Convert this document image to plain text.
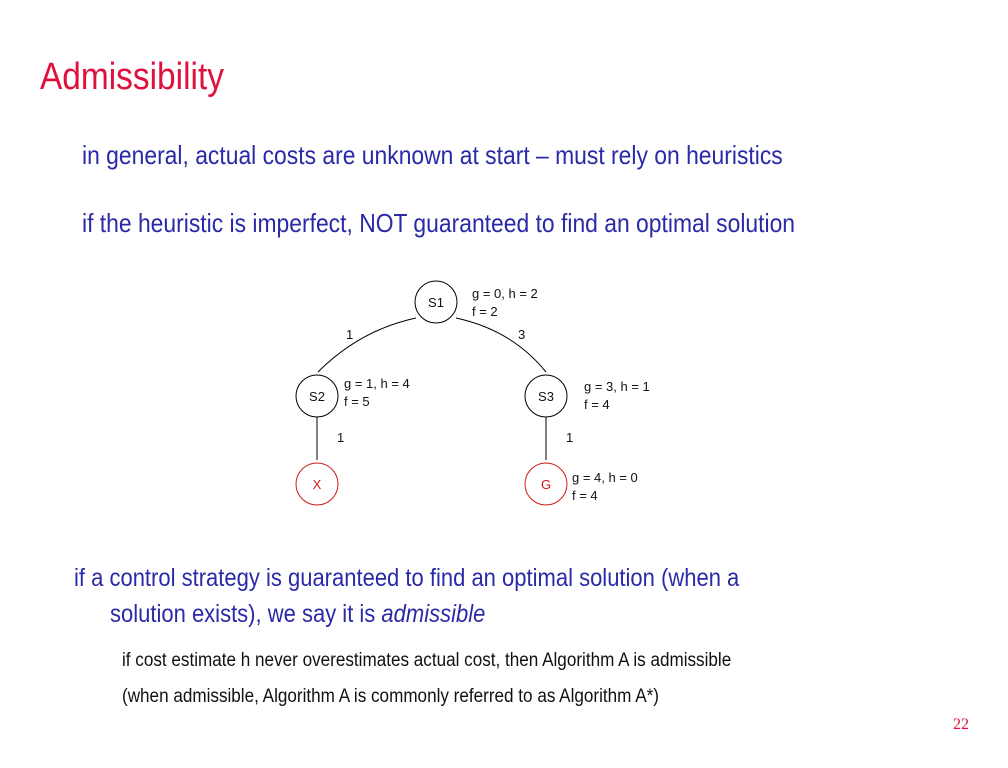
Admissibility
in general, actual costs are unknown at start – must rely on heuristics
if the heuristic is imperfect, NOT guaranteed to find an optimal solution
1	3
1	1
S1
g = 0, h = 2
f = 2
S2
g = 1, h = 4
f = 5	S3
g = 3, h = 1
f = 4
X	G g = 4, h = 0
f = 4
if a control strategy is guaranteed to find an optimal solution (when a
solution exists), we say it is admissible
if cost estimate h never overestimates actual cost, then Algorithm A is admissible
(when admissible, Algorithm A is commonly referred to as Algorithm A*)
22
